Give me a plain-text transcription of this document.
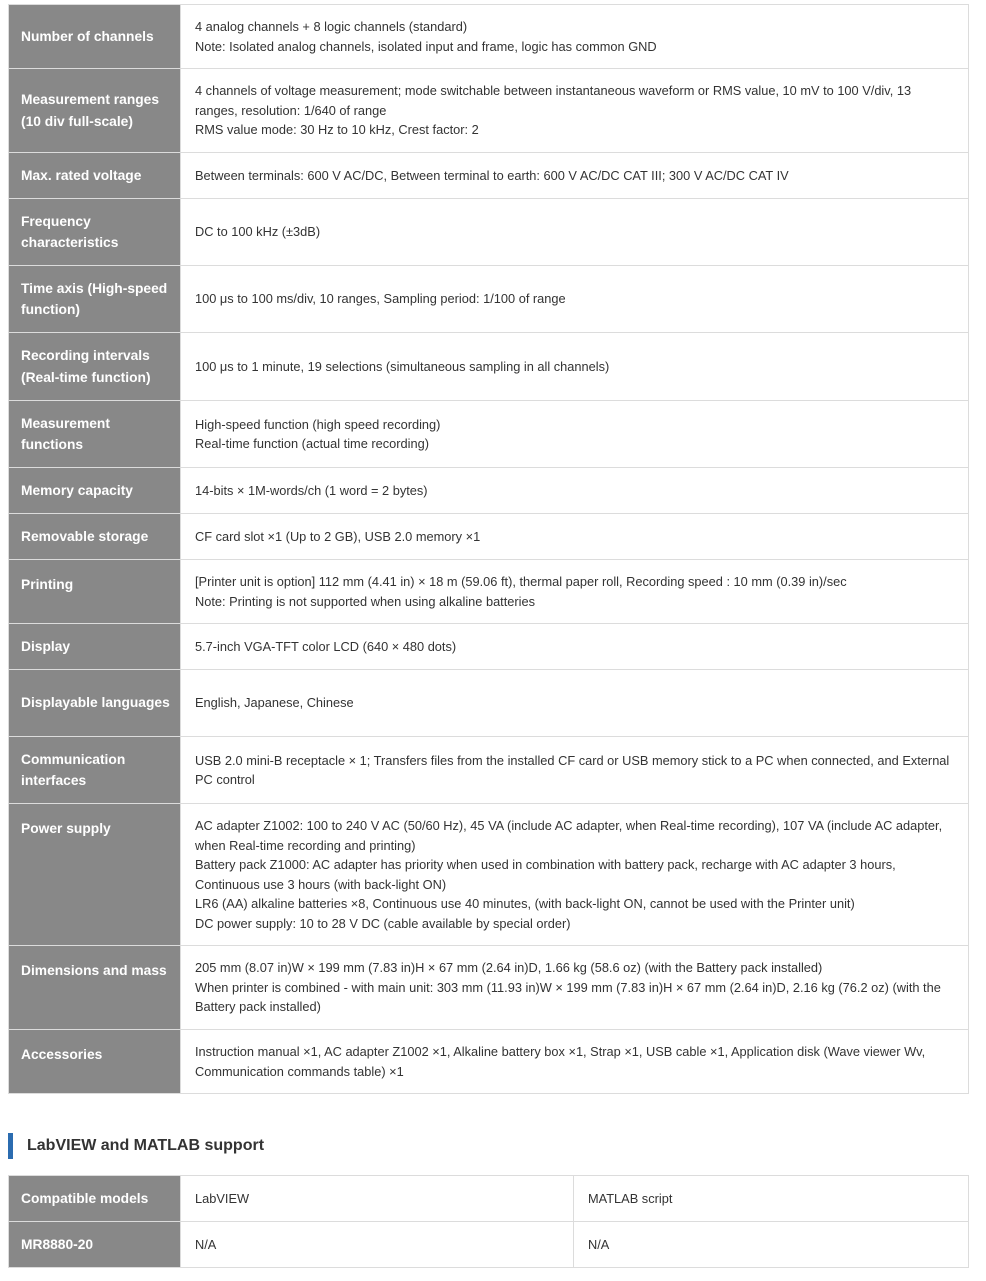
Number of channels	4 analog channels + 8 logic channels (standard)
Note: Isolated analog channels, isolated input and frame, logic has common GND

Measurement ranges (10 div full-scale)	4 channels of voltage measurement; mode switchable between instantaneous waveform or RMS value, 10 mV to 100 V/div, 13 ranges, resolution: 1/640 of range
RMS value mode: 30 Hz to 10 kHz, Crest factor: 2

Max. rated voltage	Between terminals: 600 V AC/DC, Between terminal to earth: 600 V AC/DC CAT III; 300 V AC/DC CAT IV

Frequency characteristics	DC to 100 kHz (±3dB)

Time axis (High-speed function)	100 μs to 100 ms/div, 10 ranges, Sampling period: 1/100 of range

Recording intervals (Real-time function)	100 μs to 1 minute, 19 selections (simultaneous sampling in all channels)

Measurement functions	High-speed function (high speed recording)
Real-time function (actual time recording)

Memory capacity	14-bits × 1M-words/ch (1 word = 2 bytes)

Removable storage	CF card slot ×1 (Up to 2 GB), USB 2.0 memory ×1

Printing	[Printer unit is option] 112 mm (4.41 in) × 18 m (59.06 ft), thermal paper roll, Recording speed : 10 mm (0.39 in)/sec
Note: Printing is not supported when using alkaline batteries

Display	5.7-inch VGA-TFT color LCD (640 × 480 dots)

Displayable languages	English, Japanese, Chinese

Communication interfaces	USB 2.0 mini-B receptacle × 1; Transfers files from the installed CF card or USB memory stick to a PC when connected, and External PC control

Power supply	AC adapter Z1002: 100 to 240 V AC (50/60 Hz), 45 VA (include AC adapter, when Real-time recording), 107 VA (include AC adapter, when Real-time recording and printing)
Battery pack Z1000: AC adapter has priority when used in combination with battery pack, recharge with AC adapter 3 hours, Continuous use 3 hours (with back-light ON)
LR6 (AA) alkaline batteries ×8, Continuous use 40 minutes, (with back-light ON, cannot be used with the Printer unit)
DC power supply: 10 to 28 V DC (cable available by special order)

Dimensions and mass	205 mm (8.07 in)W × 199 mm (7.83 in)H × 67 mm (2.64 in)D, 1.66 kg (58.6 oz) (with the Battery pack installed)
When printer is combined - with main unit: 303 mm (11.93 in)W × 199 mm (7.83 in)H × 67 mm (2.64 in)D, 2.16 kg (76.2 oz) (with the Battery pack installed)

Accessories	Instruction manual ×1, AC adapter Z1002 ×1, Alkaline battery box ×1, Strap ×1, USB cable ×1, Application disk (Wave viewer Wv, Communication commands table) ×1
LabVIEW and MATLAB support
Compatible models	LabVIEW	MATLAB script
MR8880-20	N/A	N/A
